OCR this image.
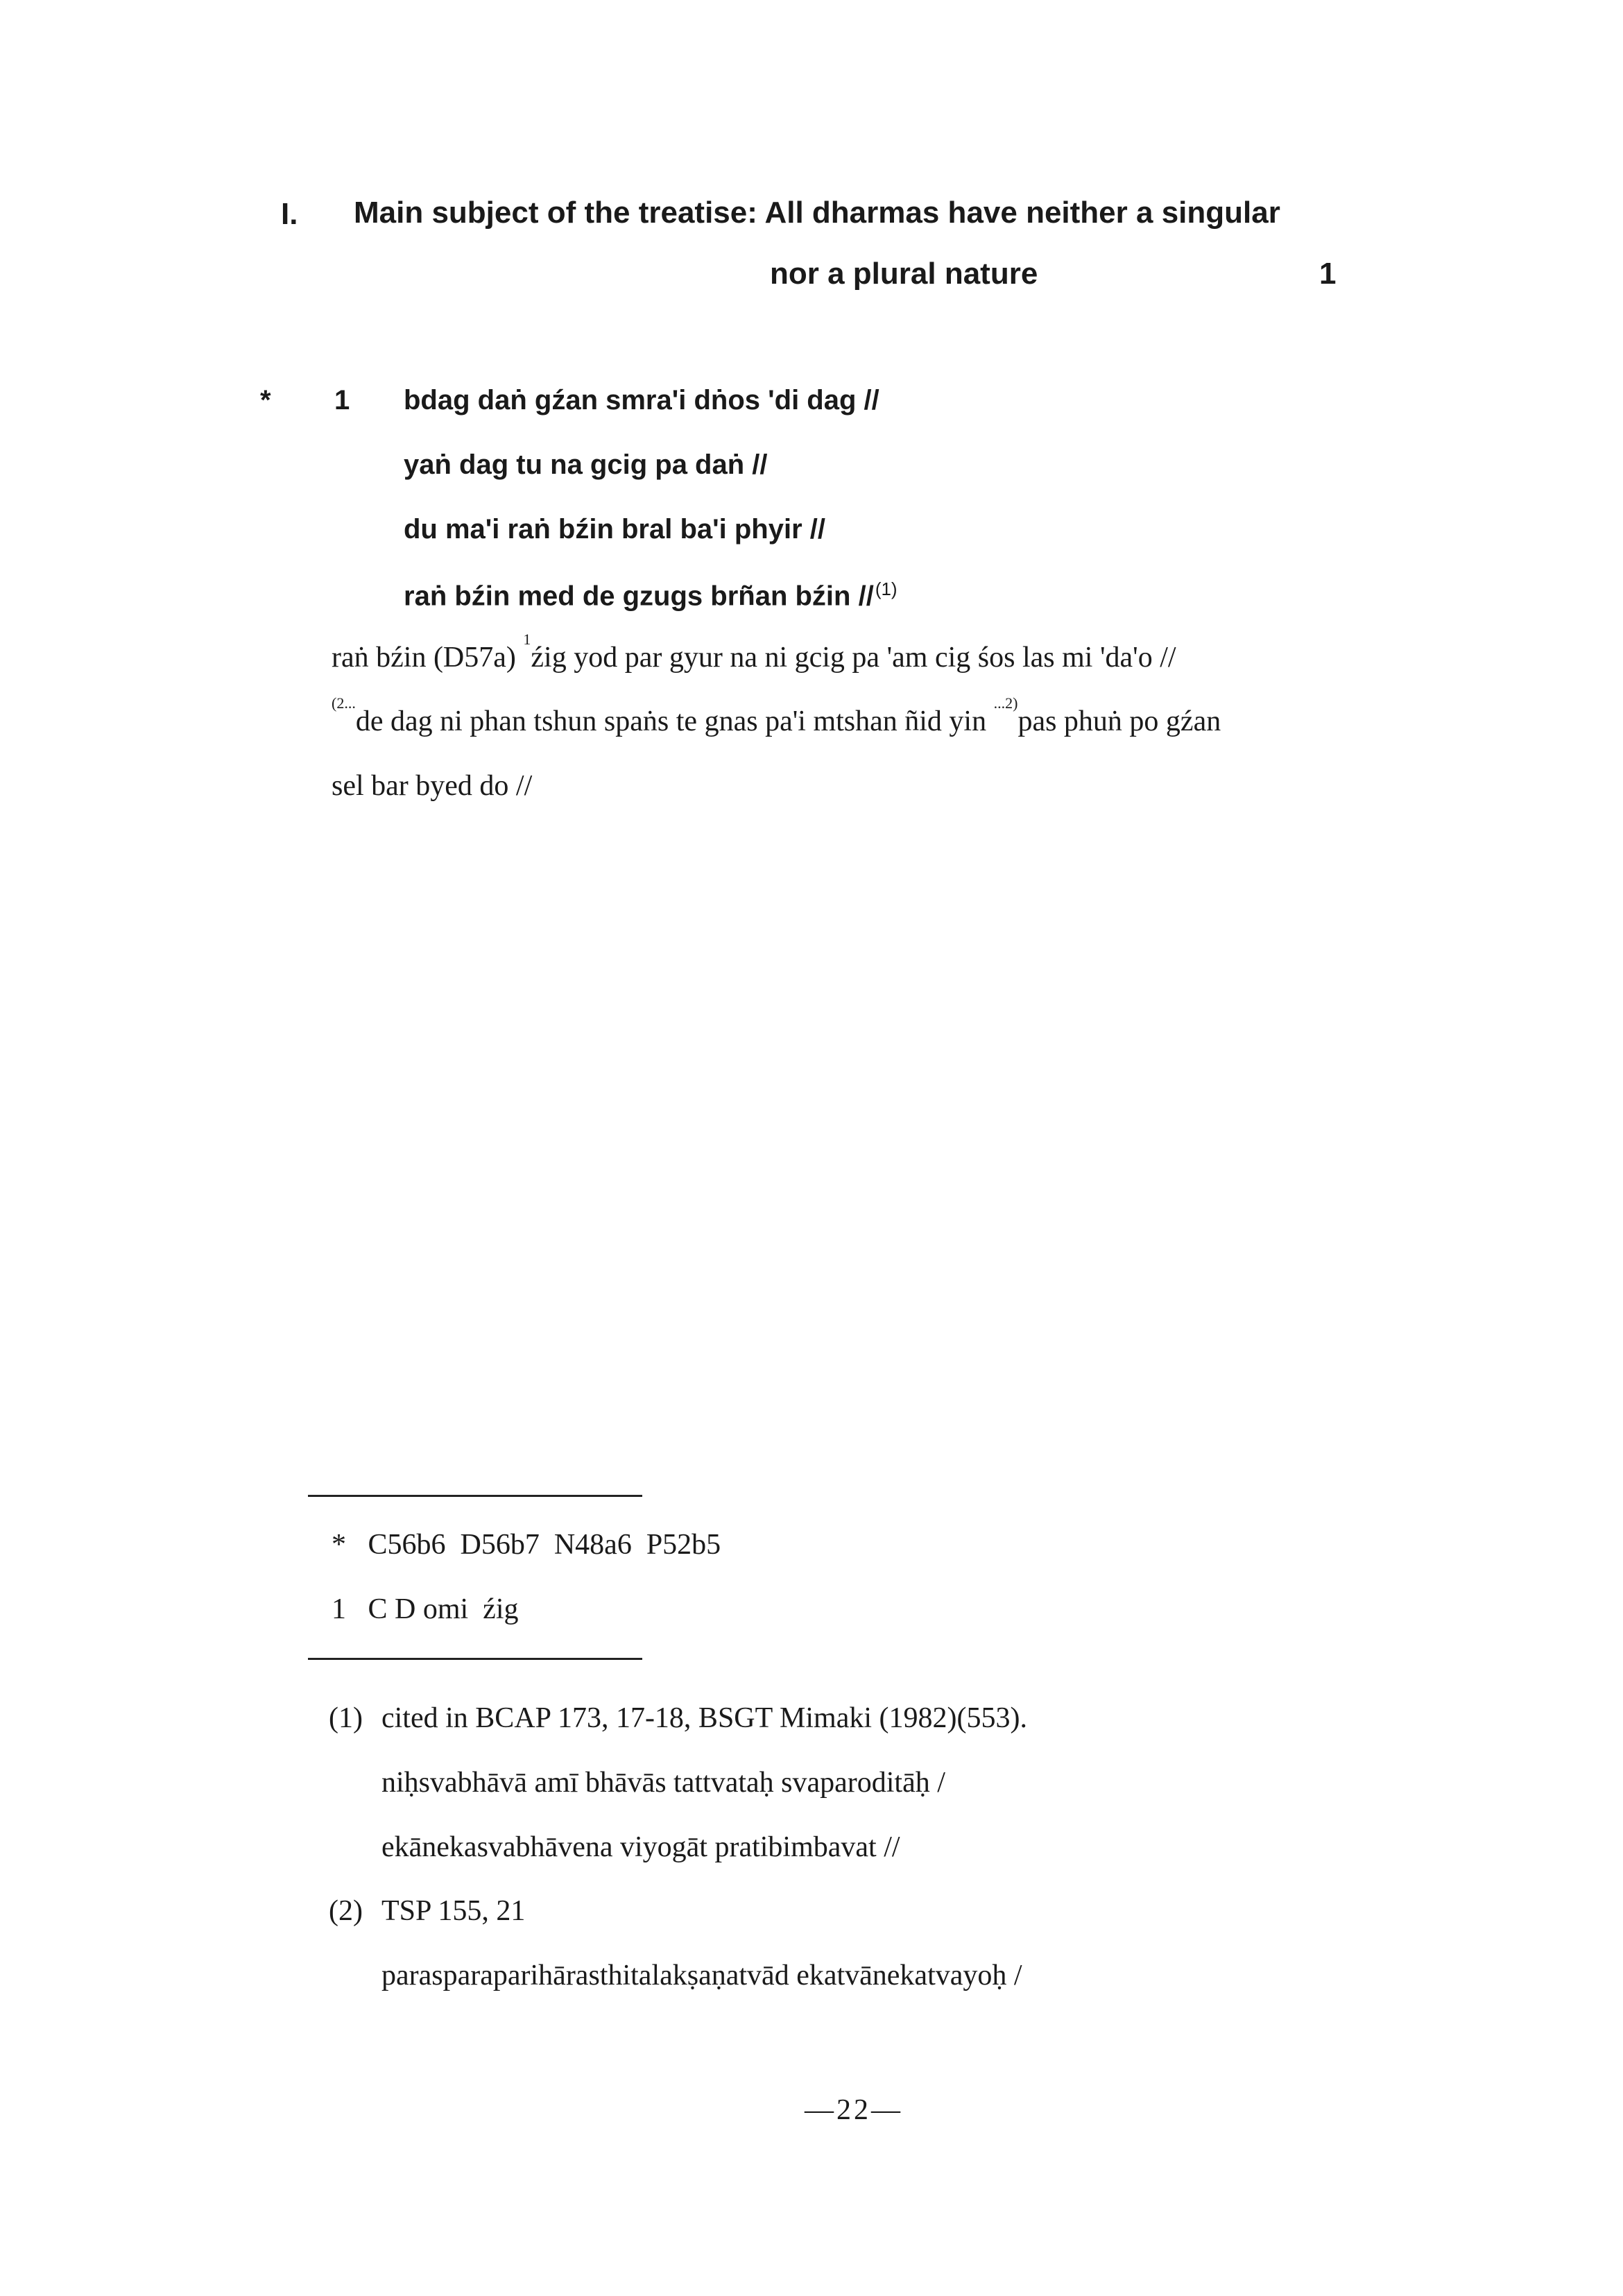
I. Main subject of the treatise: All dharmas have neither a singular
nor a plural nature	1
* 1 bdag daṅ gźan smra'i dṅos 'di dag //
yaṅ dag tu na gcig pa daṅ //
du ma'i raṅ bźin bral ba'i phyir //
raṅ bźin med de gzugs brñan bźin //$^{(1)}$
raṅ bźin (D57a) $^1$źig yod par gyur na ni gcig pa 'am cig śos las mi 'da'o //
$^{(2...}$de dag ni phan tshun spaṅs te gnas pa'i mtshan ñid yin $^{...2)}$pas phuṅ po gźan
sel bar byed do //
*   C56b6  D56b7  N48a6  P52b5
1   C D omi  źig
(1) cited in BCAP 173, 17-18, BSGT Mimaki (1982)(553).
niḥsvabhāvā amī bhāvās tattvataḥ svaparoditāḥ /
ekānekasvabhāvena viyogāt pratibimbavat //
(2) TSP 155, 21
parasparaparihārasthitalakṣaṇatvād ekatvānekatvayoḥ /
—22—
